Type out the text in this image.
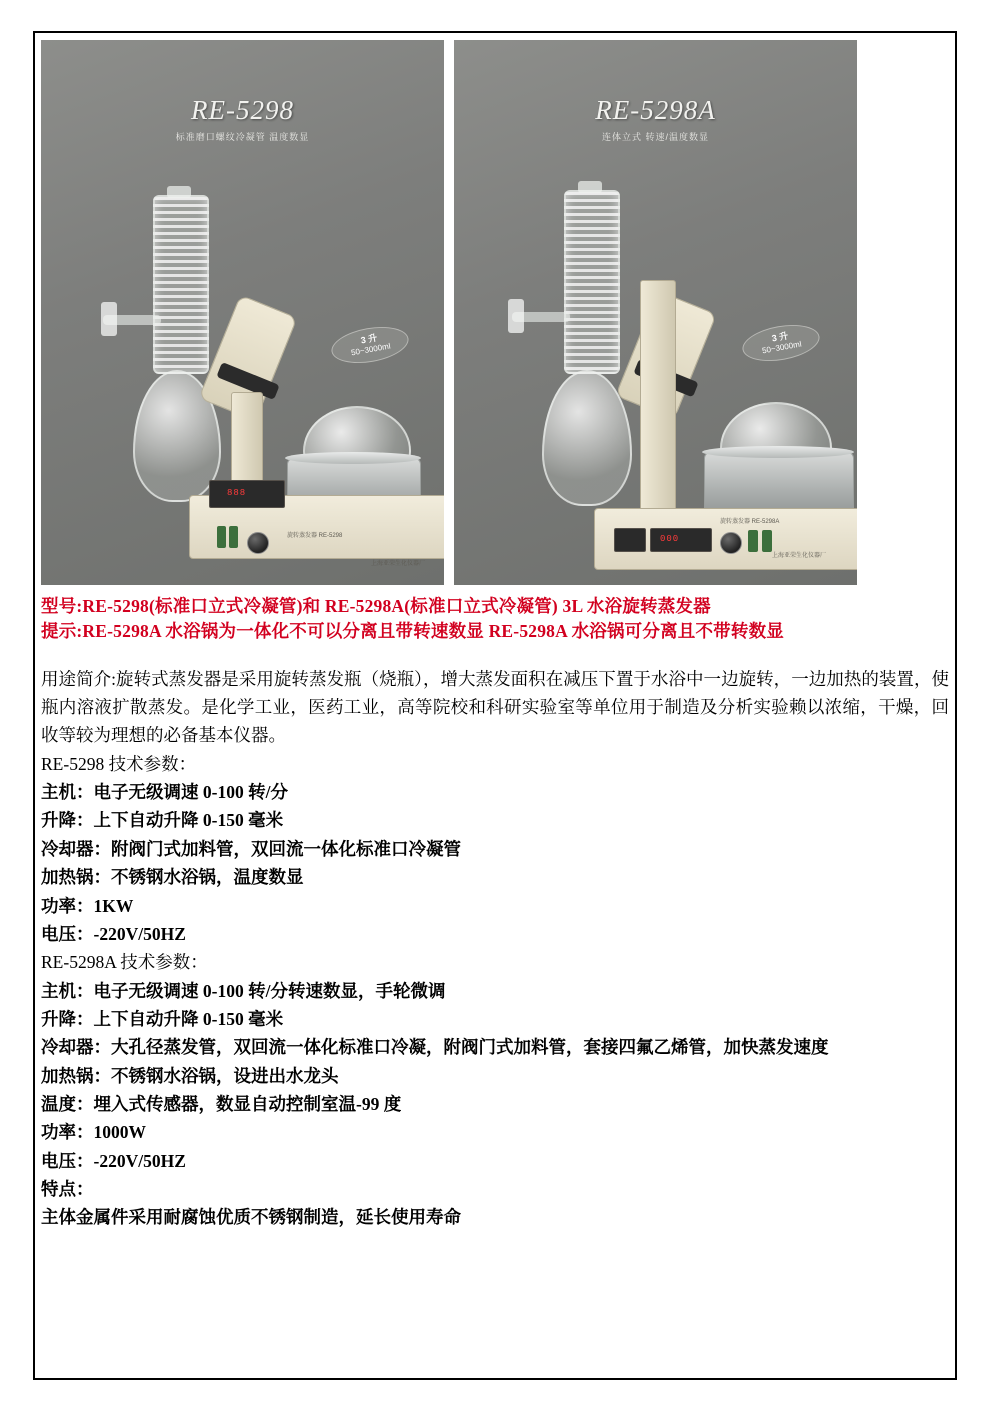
RE-5298
标准磨口螺纹冷凝管 温度数显
3 升
50~3000ml
888
旋转蒸发器 RE-5298
上海亚荣生化仪器厂
RE-5298A
连体立式 转速/温度数显
3 升
50~3000ml
000
旋转蒸发器 RE-5298A
上海亚荣生化仪器厂
型号:RE-5298(标准口立式冷凝管)和 RE-5298A(标准口立式冷凝管) 3L 水浴旋转蒸发器
提示:RE-5298A 水浴锅为一体化不可以分离且带转速数显 RE-5298A 水浴锅可分离且不带转数显

用途简介:旋转式蒸发器是采用旋转蒸发瓶（烧瓶），增大蒸发面积在减压下置于水浴中一边旋转，一边加热的装置，使瓶内溶液扩散蒸发。是化学工业，医药工业，高等院校和科研实验室等单位用于制造及分析实验赖以浓缩，干燥，回收等较为理想的必备基本仪器。

RE-5298 技术参数：

主机：电子无级调速 0-100 转/分

升降：上下自动升降 0-150 毫米

冷却器：附阀门式加料管，双回流一体化标准口冷凝管

加热锅：不锈钢水浴锅，温度数显

功率：1KW

电压：-220V/50HZ

RE-5298A 技术参数：

主机：电子无级调速 0-100 转/分转速数显，手轮微调

升降：上下自动升降 0-150 毫米

冷却器：大孔径蒸发管，双回流一体化标准口冷凝，附阀门式加料管，套接四氟乙烯管，加快蒸发速度

加热锅：不锈钢水浴锅，设进出水龙头

温度：埋入式传感器，数显自动控制室温-99 度

功率：1000W

电压：-220V/50HZ

特点：

主体金属件采用耐腐蚀优质不锈钢制造，延长使用寿命
